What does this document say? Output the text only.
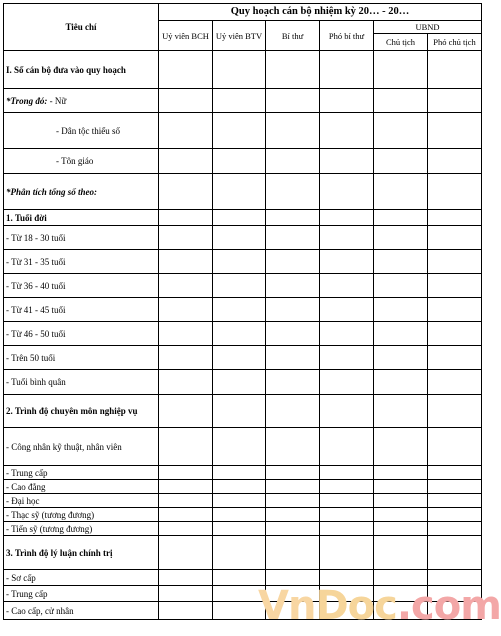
Tiêu chí	Quy hoạch cán bộ nhiệm kỳ 20… - 20…					
	Uỷ viên BCH	Uỷ viên BTV	Bí thư	Phó bí thư	UBND	
					Chủ tịch	Phó chủ tịch
I. Số cán bộ đưa vào quy hoạch						
*Trong đó: - Nữ						
- Dân tộc thiểu số						
- Tôn giáo						
*Phân tích tổng số theo:						
1. Tuổi đời						
- Từ 18 - 30 tuổi						
- Từ 31 - 35 tuổi						
- Từ 36 - 40 tuổi						
- Từ 41 - 45 tuổi						
- Từ 46 - 50 tuổi						
- Trên 50 tuổi						
- Tuổi bình quân						
2. Trình độ chuyên môn nghiệp vụ						
- Công nhân kỹ thuật, nhân viên						
- Trung cấp						
- Cao đẳng						
- Đại học						
- Thạc sỹ (tương đương)						
- Tiến sỹ (tương đương)						
3. Trình độ lý luận chính trị						
- Sơ cấp						
- Trung cấp						
- Cao cấp, cử nhân							VnDoc.com
